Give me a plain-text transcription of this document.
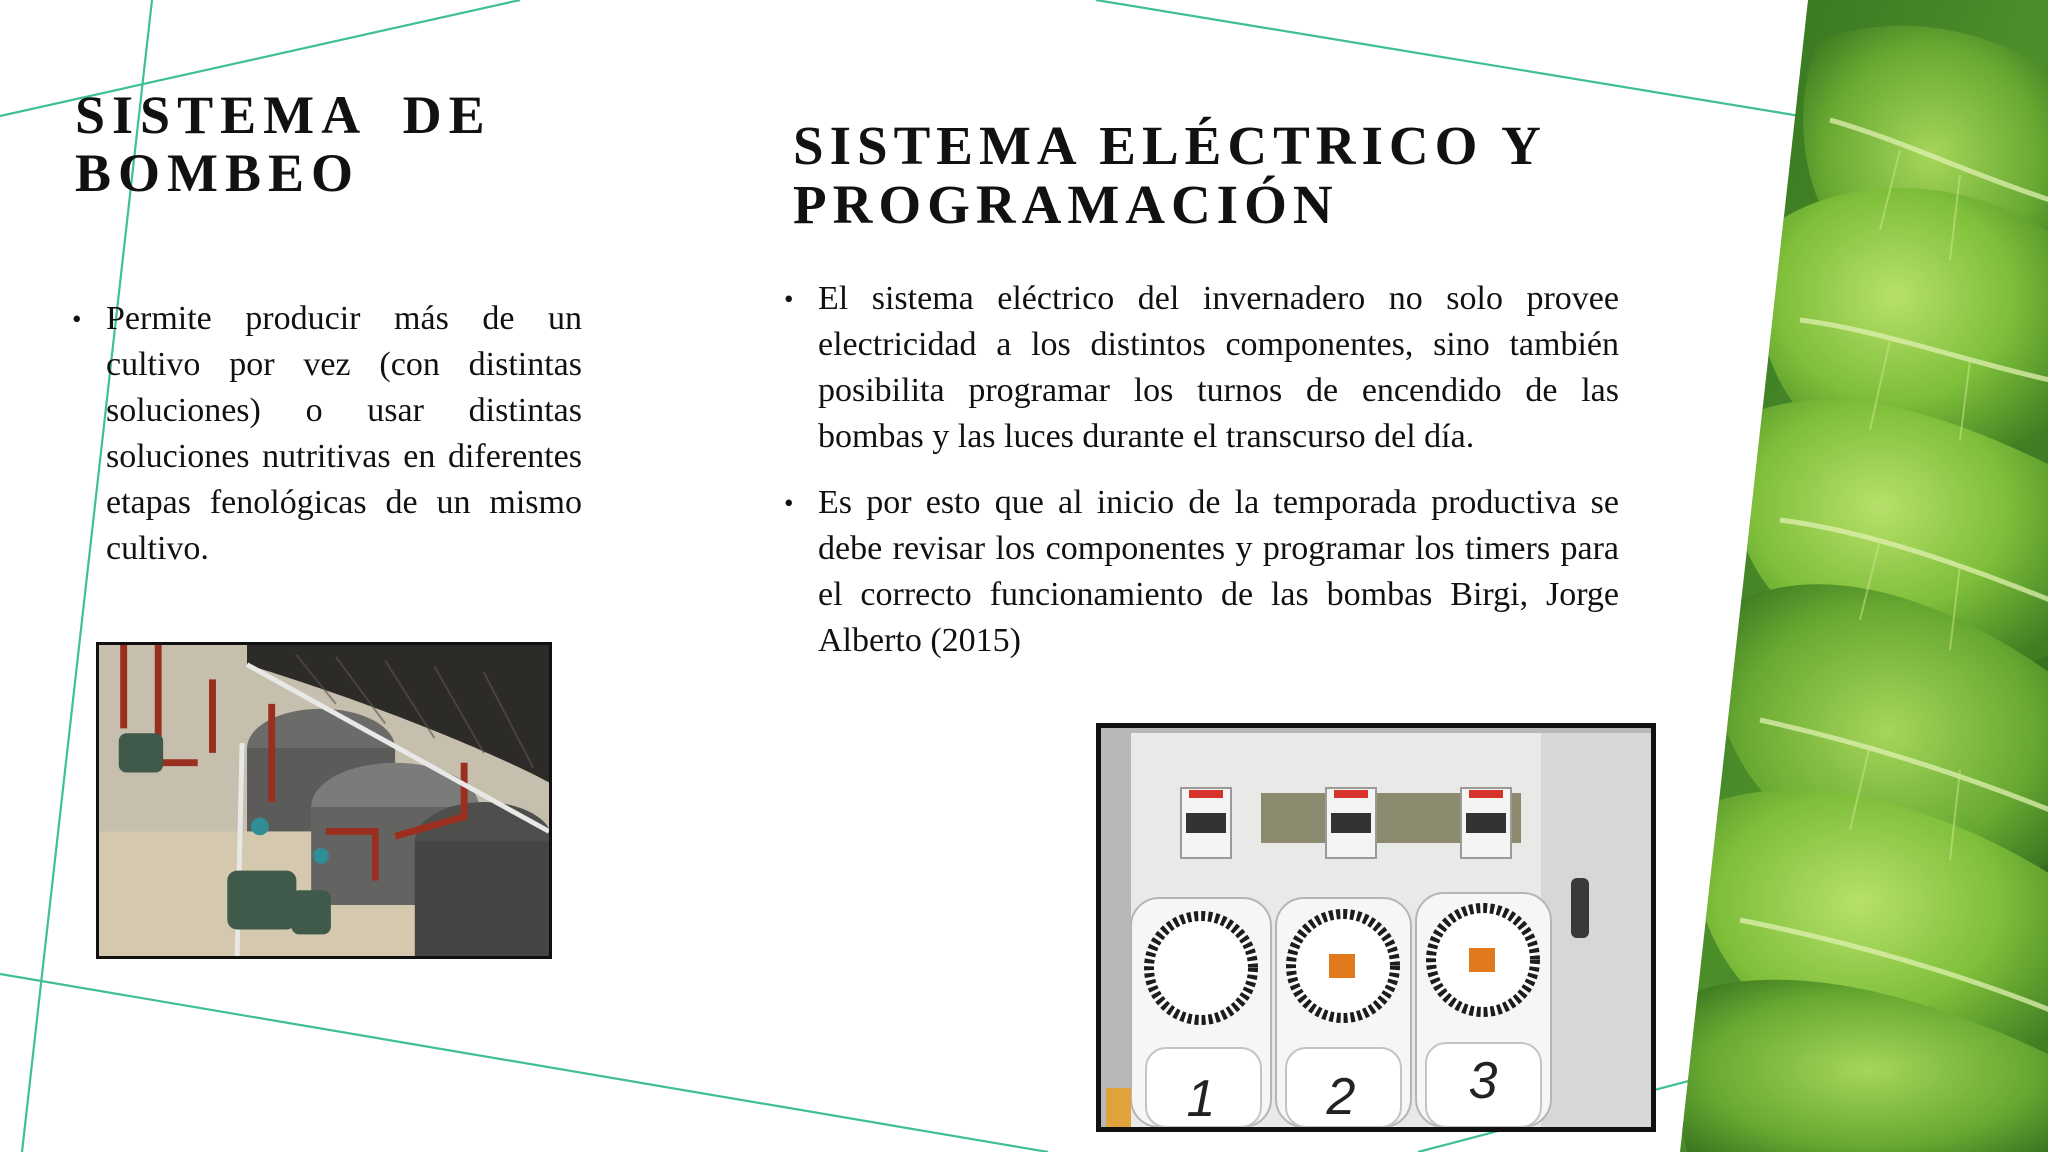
SISTEMA DE
BOMBEO
• Permite producir más de un cultivo por vez (con distintas soluciones) o usar distintas soluciones nutritivas en diferentes etapas fenológicas de un mismo cultivo.
SISTEMA ELÉCTRICO Y
PROGRAMACIÓN
• El sistema eléctrico del invernadero no solo provee electricidad a los distintos componentes, sino también posibilita programar los turnos de encendido de las bombas y las luces durante el transcurso del día.
• Es por esto que al inicio de la temporada productiva se debe revisar los componentes y programar los timers para el correcto funcionamiento de las bombas Birgi, Jorge Alberto (2015)
1 2 3
